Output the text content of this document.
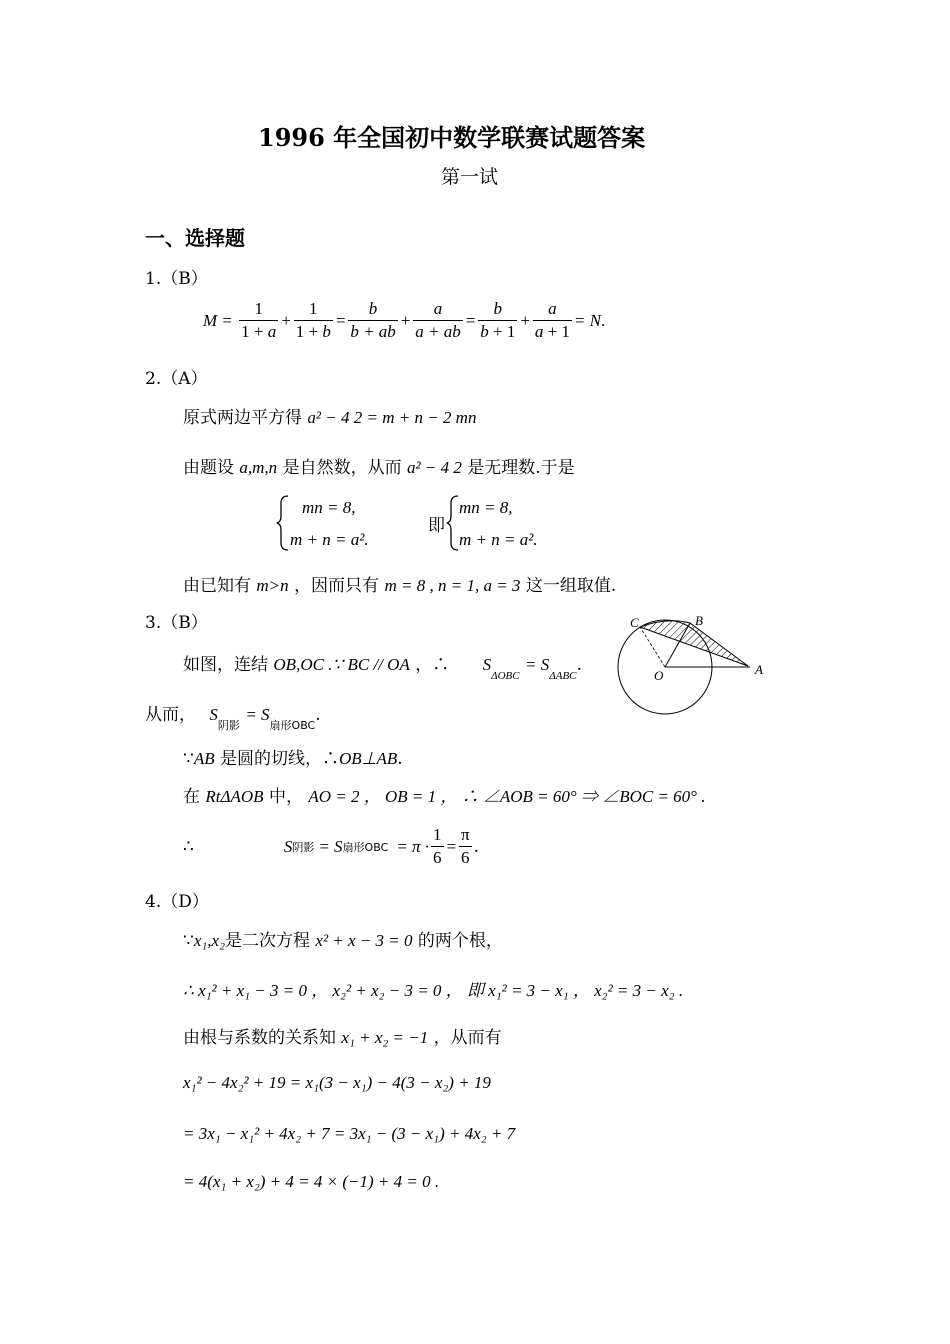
1996 年全国初中数学联赛试题答案
第一试
一、选择题
1.（B）
$M = \frac{1}{1 + a} + \frac{1}{1 + b} = \frac{b}{b + ab} + \frac{a}{a + ab} = \frac{b}{b + 1} + \frac{a}{a + 1} = N$ .
2.（A）
原式两边平方得 a² − 4 2 = m + n − 2 mn
由题设 a,m,n 是自然数，从而 a² − 4 2 是无理数.于是
mn = 8,
m + n = a².
即
mn = 8,
m + n = a².
由已知有 m>n ，因而只有 m = 8 , n = 1, a = 3 这一组取值.
3.（B）	C	B
A
O
如图，连结 OB,OC .∵ BC // OA ，∴ $S_{\Delta OBC} = S_{\Delta ABC}$.
从而， $S_{阴影} = S_{扇形OBC}$.
∵AB 是圆的切线，∴OB⊥AB.
在 RtΔAOB 中， AO = 2 ， OB = 1 ， ∴ ∠AOB = 60° ⇒ ∠BOC = 60° .
∴	S 阴影 = S 扇形OBC = $\pi \cdot \frac{1}{6} = \frac{\pi}{6}$ .
4.（D）
∵x₁,x₂是二次方程 x² + x − 3 = 0 的两个根，
∴ x₁² + x₁ − 3 = 0 ， x₂² + x₂ − 3 = 0 ， 即 x₁² = 3 − x₁ ， x₂² = 3 − x₂ .
由根与系数的关系知 x₁ + x₂ = −1 ，从而有
x₁² − 4x₂² + 19 = x₁(3 − x₁) − 4(3 − x₂) + 19
= 3x₁ − x₁² + 4x₂ + 7 = 3x₁ − (3 − x₁) + 4x₂ + 7
= 4(x₁ + x₂) + 4 = 4 × (−1) + 4 = 0 .
